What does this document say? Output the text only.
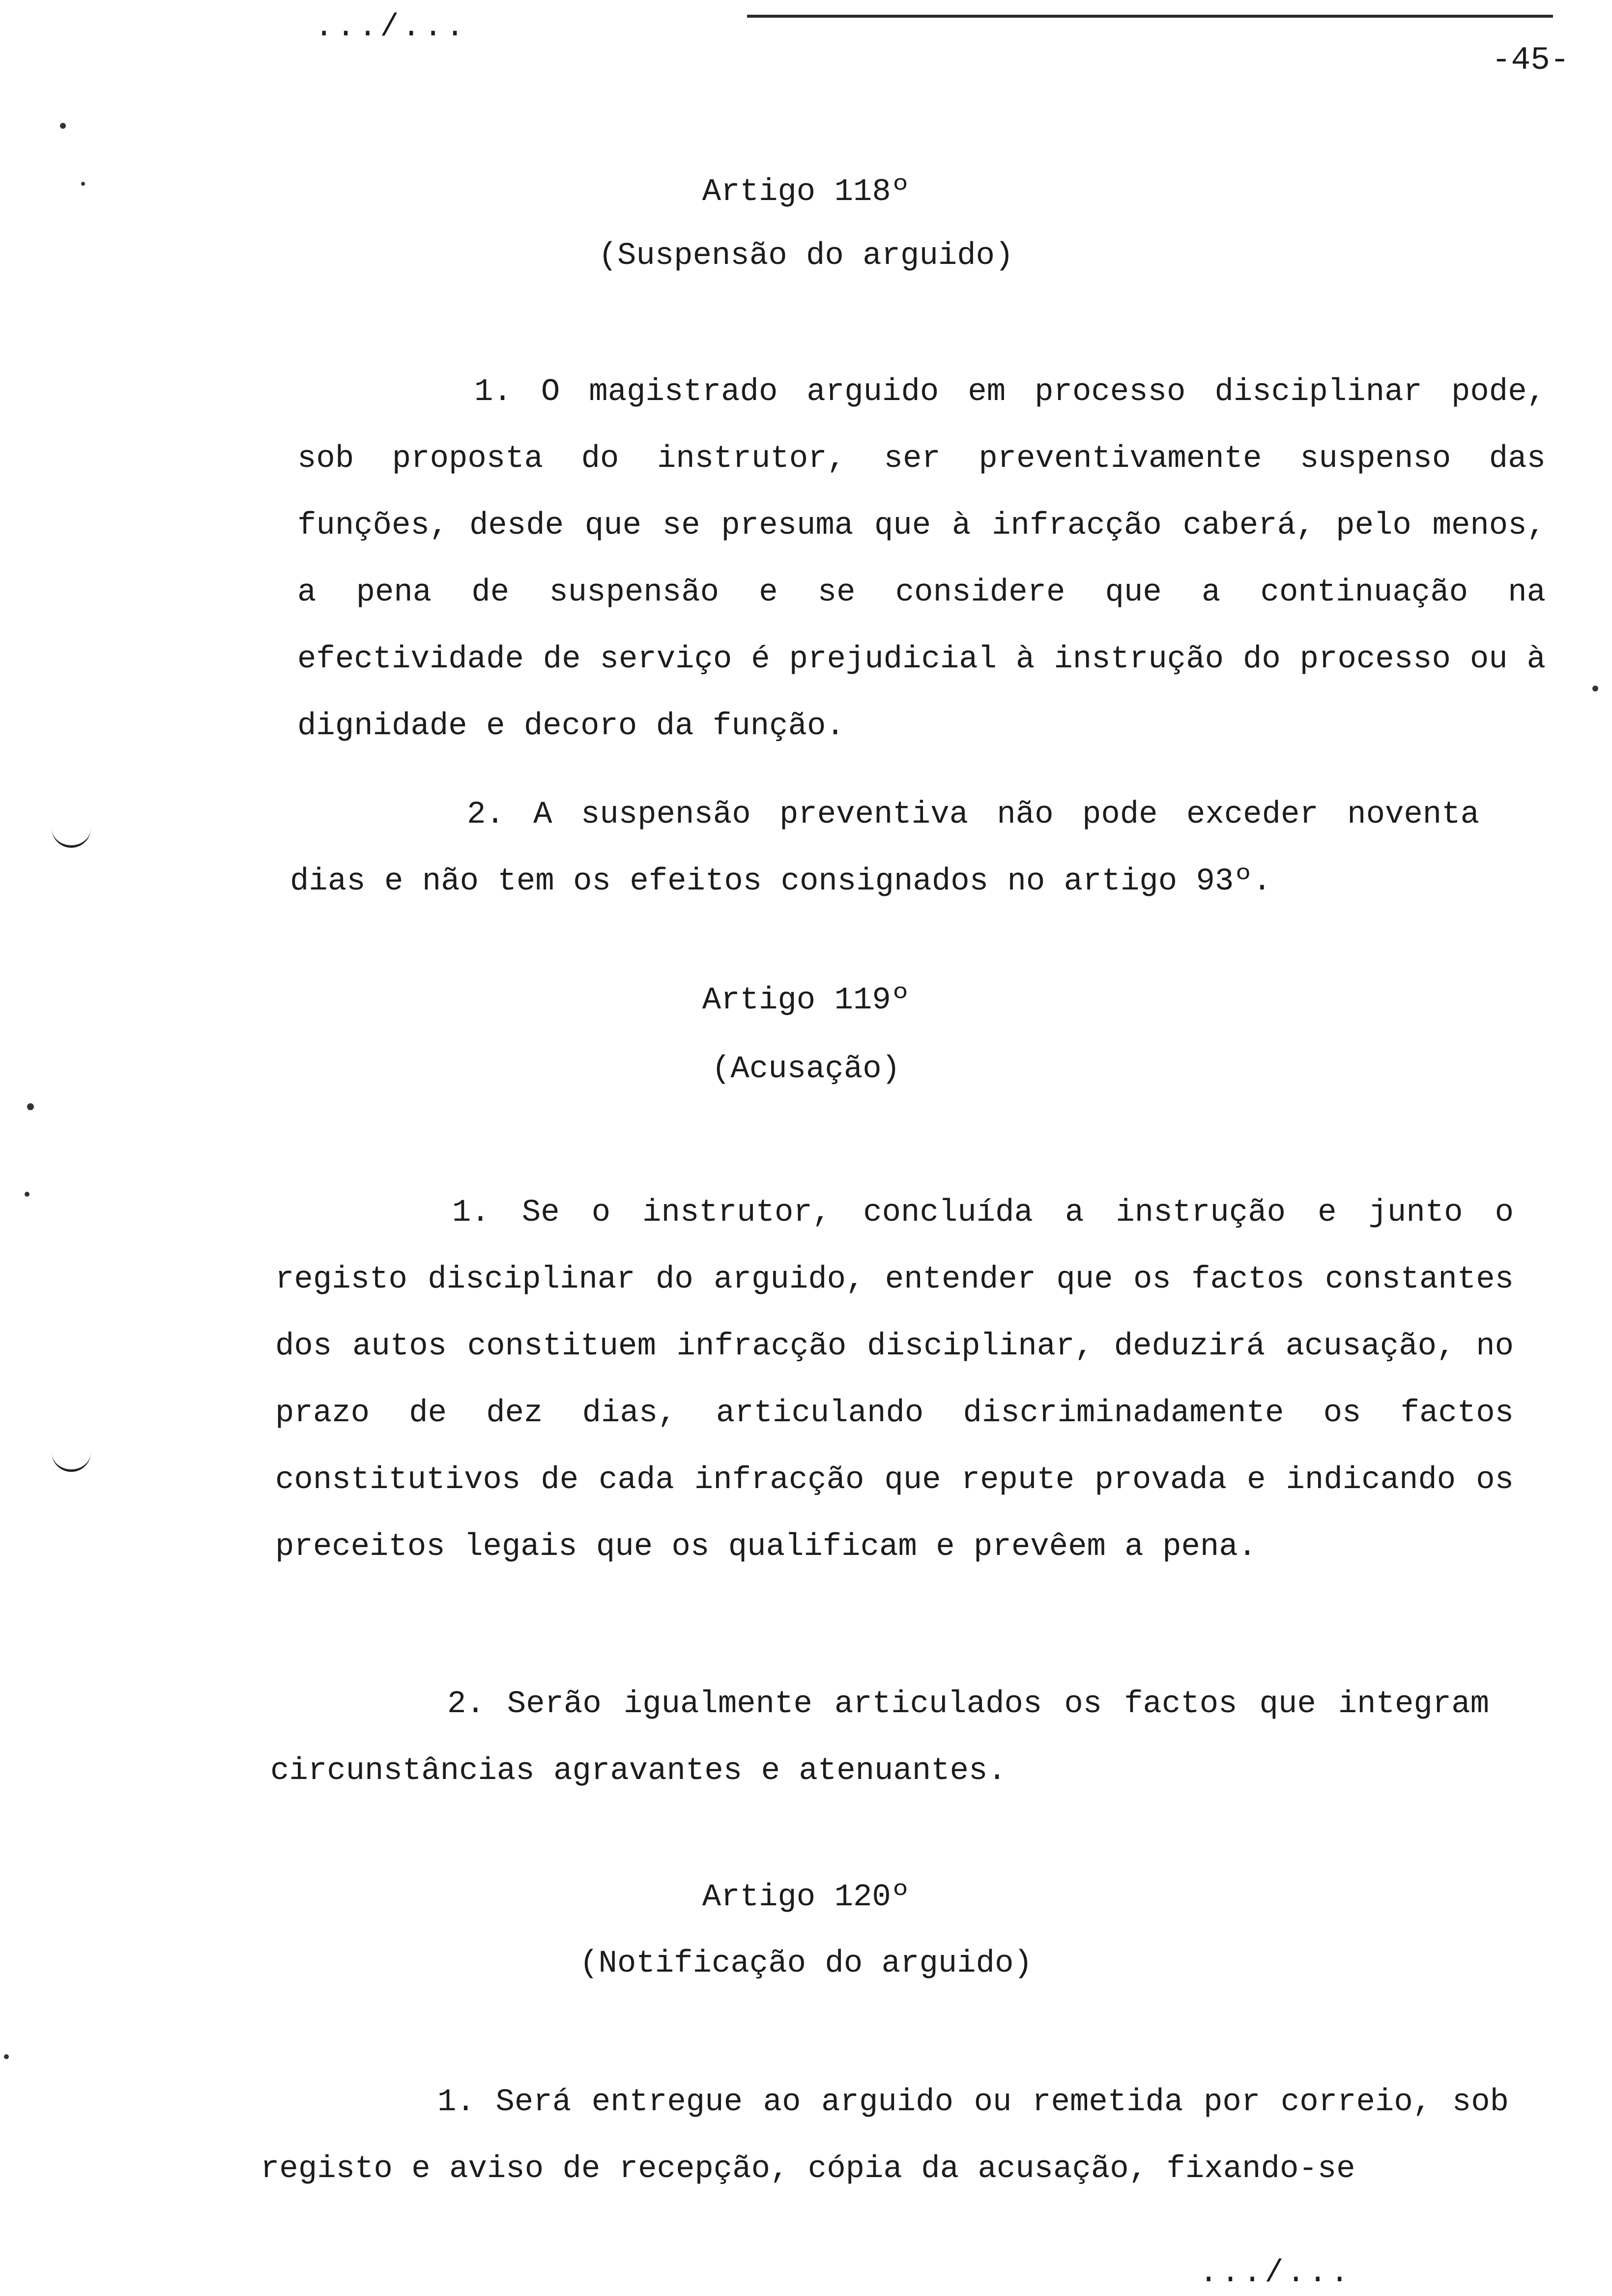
.../...
-45-
Artigo 118º
(Suspensão do arguido)
1. O magistrado arguido em processo disciplinar pode, sob proposta do instrutor, ser preventivamente suspenso das funções, desde que se presuma que à infracção caberá, pelo menos, a pena de suspensão e se considere que a continuação na efectividade de serviço é prejudicial à instrução do processo ou à dignidade e decoro da função.
2. A suspensão preventiva não pode exceder noventa dias e não tem os efeitos consignados no artigo 93º.
Artigo 119º
(Acusação)
1. Se o instrutor, concluída a instrução e junto o registo disciplinar do arguido, entender que os factos constantes dos autos constituem infracção disciplinar, deduzirá acusação, no prazo de dez dias, articulando discriminadamente os factos constitutivos de cada infracção que repute provada e indicando os preceitos legais que os qualificam e prevêem a pena.
2. Serão igualmente articulados os factos que integram circunstâncias agravantes e atenuantes.
Artigo 120º
(Notificação do arguido)
1. Será entregue ao arguido ou remetida por correio, sob registo e aviso de recepção, cópia da acusação, fixando-se
.../...
